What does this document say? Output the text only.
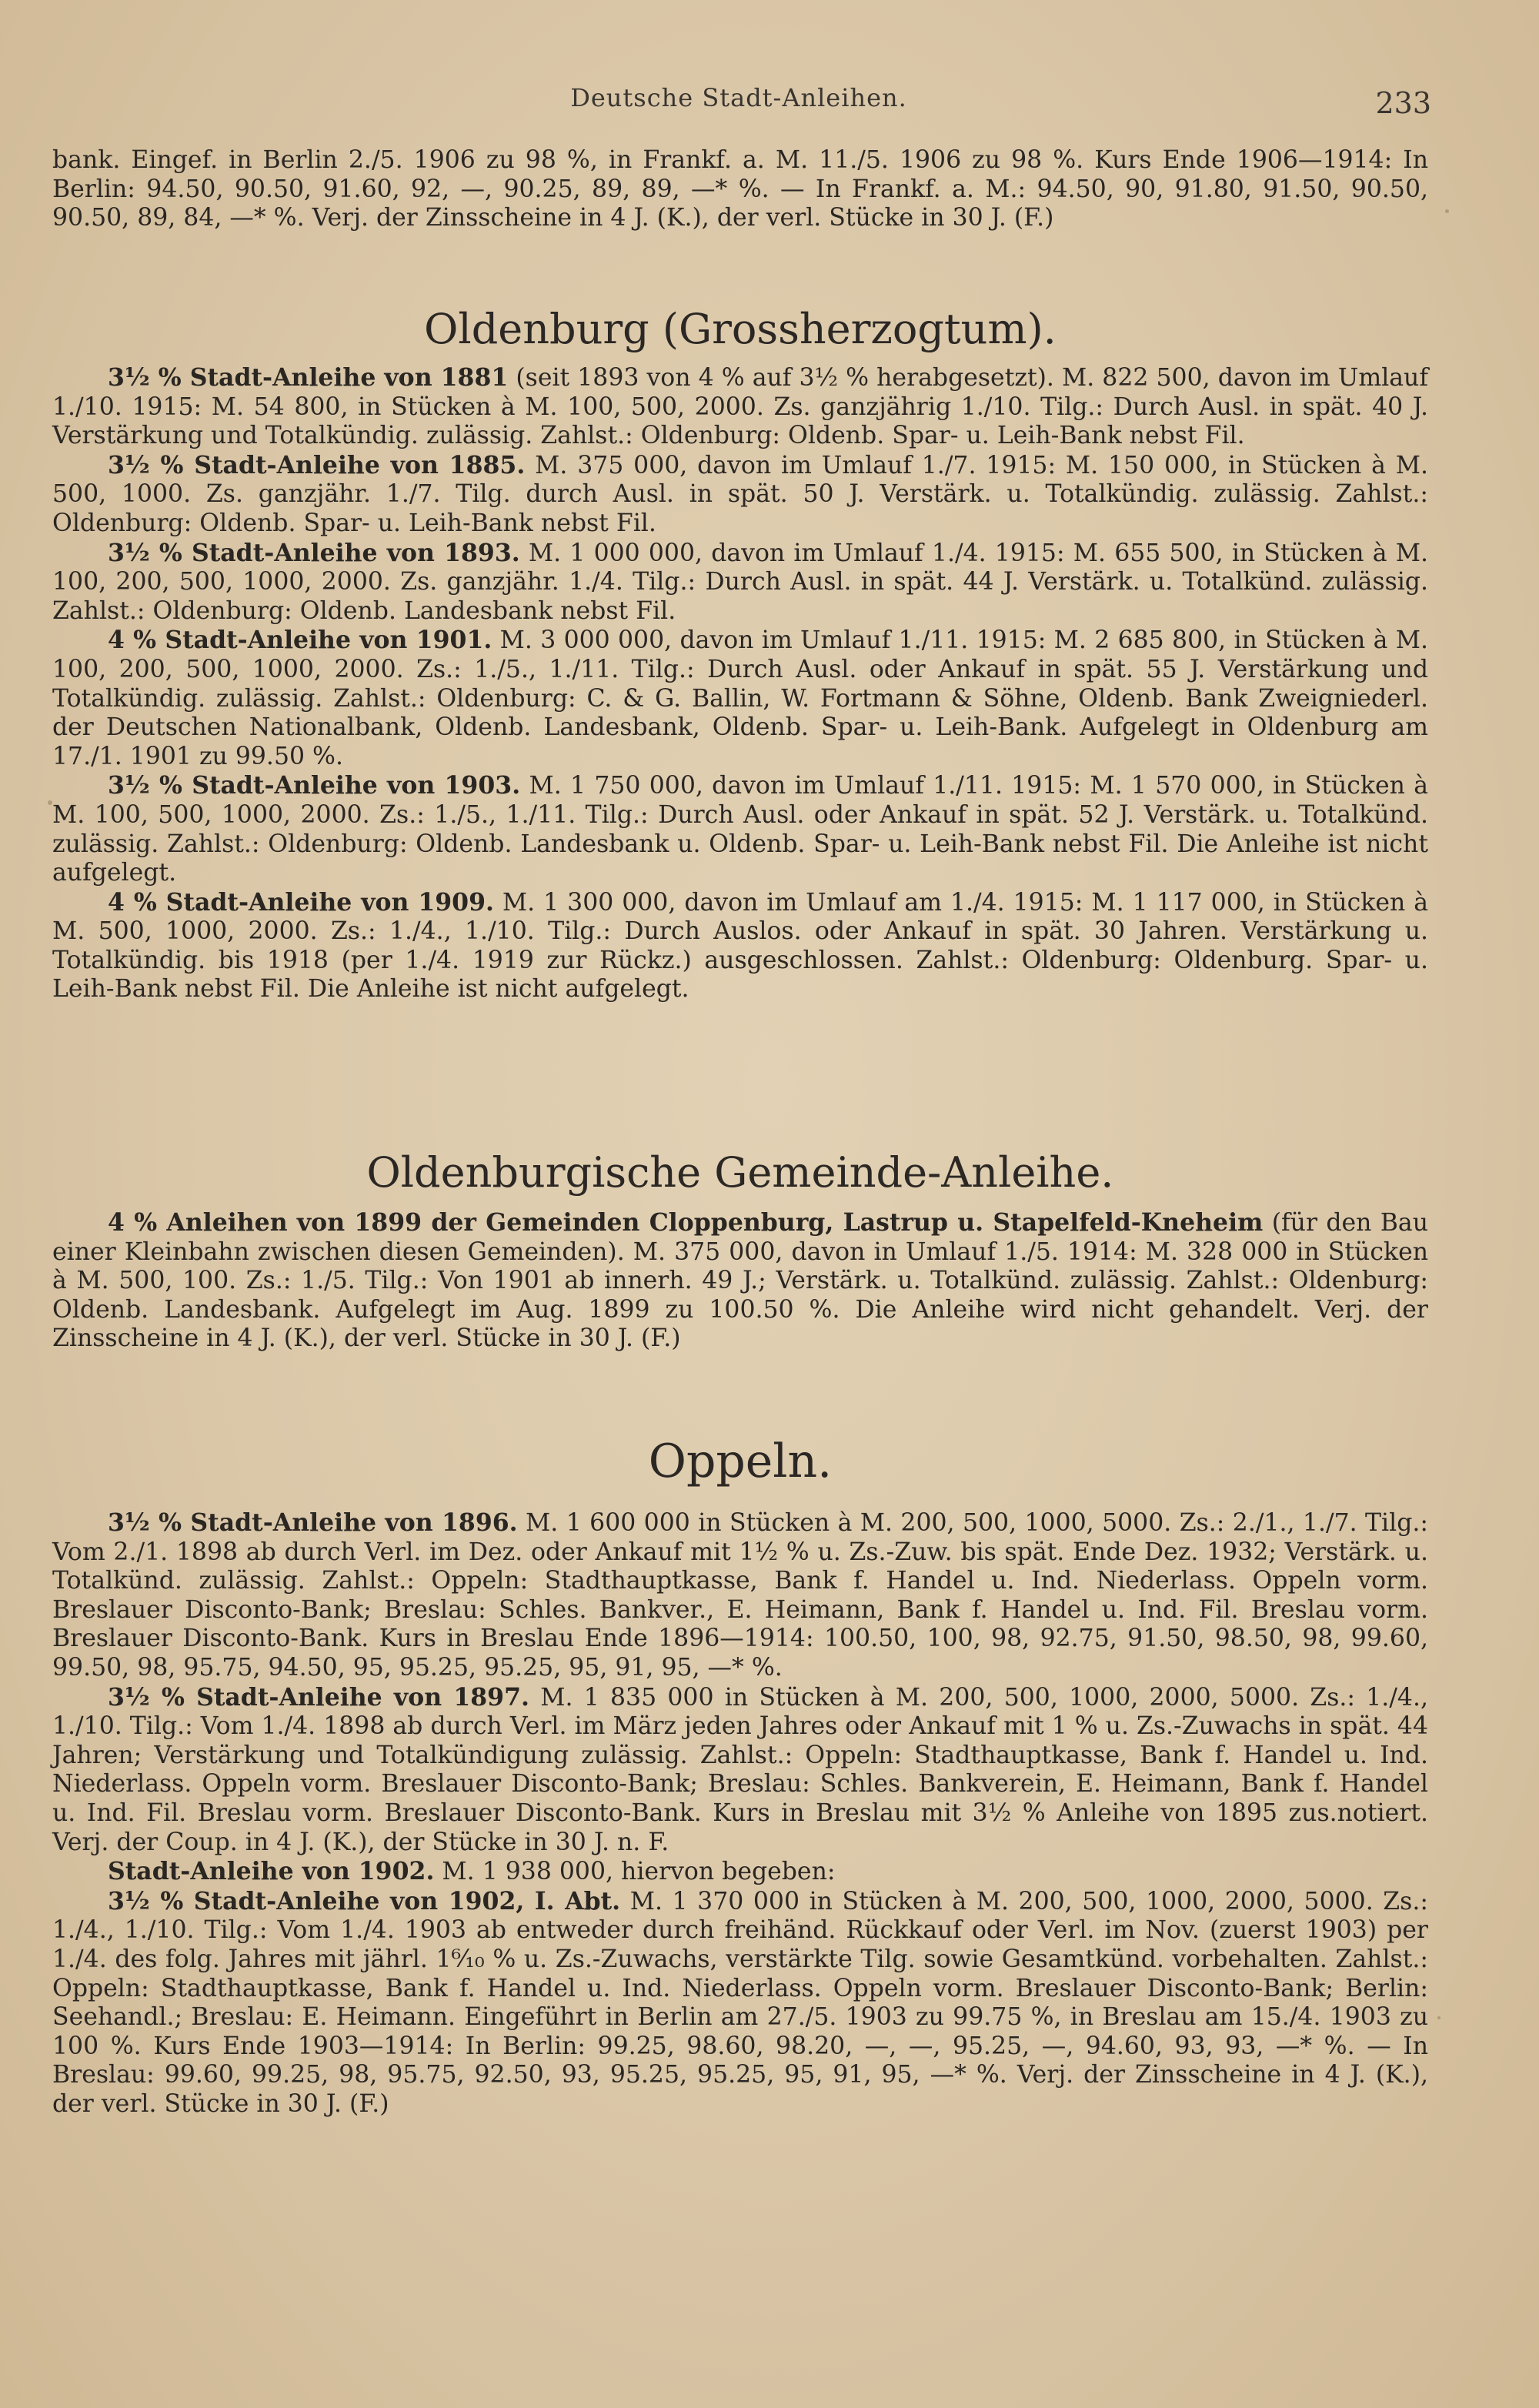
Deutsche Stadt-Anleihen.	233

bank. Eingef. in Berlin 2./5. 1906 zu 98 %, in Frankf. a. M. 11./5. 1906 zu 98 %. Kurs Ende 1906—1914: In Berlin: 94.50, 90.50, 91.60, 92, —, 90.25, 89, 89, —* %. — In Frankf. a. M.: 94.50, 90, 91.80, 91.50, 90.50, 90.50, 89, 84, —* %. Verj. der Zinsscheine in 4 J. (K.), der verl. Stücke in 30 J. (F.)

Oldenburg (Grossherzogtum).

3½ % Stadt-Anleihe von 1881 (seit 1893 von 4 % auf 3½ % herabgesetzt). M. 822 500, davon im Umlauf 1./10. 1915: M. 54 800, in Stücken à M. 100, 500, 2000. Zs. ganzjährig 1./10. Tilg.: Durch Ausl. in spät. 40 J. Verstärkung und Totalkündig. zulässig. Zahlst.: Oldenburg: Oldenb. Spar- u. Leih-Bank nebst Fil.

3½ % Stadt-Anleihe von 1885. M. 375 000, davon im Umlauf 1./7. 1915: M. 150 000, in Stücken à M. 500, 1000. Zs. ganzjähr. 1./7. Tilg. durch Ausl. in spät. 50 J. Verstärk. u. Totalkündig. zulässig. Zahlst.: Oldenburg: Oldenb. Spar- u. Leih-Bank nebst Fil.

3½ % Stadt-Anleihe von 1893. M. 1 000 000, davon im Umlauf 1./4. 1915: M. 655 500, in Stücken à M. 100, 200, 500, 1000, 2000. Zs. ganzjähr. 1./4. Tilg.: Durch Ausl. in spät. 44 J. Verstärk. u. Totalkünd. zulässig. Zahlst.: Oldenburg: Oldenb. Landesbank nebst Fil.

4 % Stadt-Anleihe von 1901. M. 3 000 000, davon im Umlauf 1./11. 1915: M. 2 685 800, in Stücken à M. 100, 200, 500, 1000, 2000. Zs.: 1./5., 1./11. Tilg.: Durch Ausl. oder Ankauf in spät. 55 J. Verstärkung und Totalkündig. zulässig. Zahlst.: Oldenburg: C. & G. Ballin, W. Fortmann & Söhne, Oldenb. Bank Zweigniederl. der Deutschen Nationalbank, Oldenb. Landesbank, Oldenb. Spar- u. Leih-Bank. Aufgelegt in Oldenburg am 17./1. 1901 zu 99.50 %.

3½ % Stadt-Anleihe von 1903. M. 1 750 000, davon im Umlauf 1./11. 1915: M. 1 570 000, in Stücken à M. 100, 500, 1000, 2000. Zs.: 1./5., 1./11. Tilg.: Durch Ausl. oder Ankauf in spät. 52 J. Verstärk. u. Totalkünd. zulässig. Zahlst.: Oldenburg: Oldenb. Landesbank u. Oldenb. Spar- u. Leih-Bank nebst Fil. Die Anleihe ist nicht aufgelegt.

4 % Stadt-Anleihe von 1909. M. 1 300 000, davon im Umlauf am 1./4. 1915: M. 1 117 000, in Stücken à M. 500, 1000, 2000. Zs.: 1./4., 1./10. Tilg.: Durch Auslos. oder Ankauf in spät. 30 Jahren. Verstärkung u. Totalkündig. bis 1918 (per 1./4. 1919 zur Rückz.) ausgeschlossen. Zahlst.: Oldenburg: Oldenburg. Spar- u. Leih-Bank nebst Fil. Die Anleihe ist nicht aufgelegt.

Oldenburgische Gemeinde-Anleihe.

4 % Anleihen von 1899 der Gemeinden Cloppenburg, Lastrup u. Stapelfeld-Kneheim (für den Bau einer Kleinbahn zwischen diesen Gemeinden). M. 375 000, davon in Umlauf 1./5. 1914: M. 328 000 in Stücken à M. 500, 100. Zs.: 1./5. Tilg.: Von 1901 ab innerh. 49 J.; Verstärk. u. Totalkünd. zulässig. Zahlst.: Oldenburg: Oldenb. Landesbank. Aufgelegt im Aug. 1899 zu 100.50 %. Die Anleihe wird nicht gehandelt. Verj. der Zinsscheine in 4 J. (K.), der verl. Stücke in 30 J. (F.)

Oppeln.

3½ % Stadt-Anleihe von 1896. M. 1 600 000 in Stücken à M. 200, 500, 1000, 5000. Zs.: 2./1., 1./7. Tilg.: Vom 2./1. 1898 ab durch Verl. im Dez. oder Ankauf mit 1½ % u. Zs.-Zuw. bis spät. Ende Dez. 1932; Verstärk. u. Totalkünd. zulässig. Zahlst.: Oppeln: Stadthauptkasse, Bank f. Handel u. Ind. Niederlass. Oppeln vorm. Breslauer Disconto-Bank; Breslau: Schles. Bankver., E. Heimann, Bank f. Handel u. Ind. Fil. Breslau vorm. Breslauer Disconto-Bank. Kurs in Breslau Ende 1896—1914: 100.50, 100, 98, 92.75, 91.50, 98.50, 98, 99.60, 99.50, 98, 95.75, 94.50, 95, 95.25, 95.25, 95, 91, 95, —* %.

3½ % Stadt-Anleihe von 1897. M. 1 835 000 in Stücken à M. 200, 500, 1000, 2000, 5000. Zs.: 1./4., 1./10. Tilg.: Vom 1./4. 1898 ab durch Verl. im März jeden Jahres oder Ankauf mit 1 % u. Zs.-Zuwachs in spät. 44 Jahren; Verstärkung und Totalkündigung zulässig. Zahlst.: Oppeln: Stadthauptkasse, Bank f. Handel u. Ind. Niederlass. Oppeln vorm. Breslauer Disconto-Bank; Breslau: Schles. Bankverein, E. Heimann, Bank f. Handel u. Ind. Fil. Breslau vorm. Breslauer Disconto-Bank. Kurs in Breslau mit 3½ % Anleihe von 1895 zus.notiert. Verj. der Coup. in 4 J. (K.), der Stücke in 30 J. n. F.

Stadt-Anleihe von 1902. M. 1 938 000, hiervon begeben:

3½ % Stadt-Anleihe von 1902, I. Abt. M. 1 370 000 in Stücken à M. 200, 500, 1000, 2000, 5000. Zs.: 1./4., 1./10. Tilg.: Vom 1./4. 1903 ab entweder durch freihänd. Rückkauf oder Verl. im Nov. (zuerst 1903) per 1./4. des folg. Jahres mit jährl. 1⁶⁄₁₀ % u. Zs.-Zuwachs, verstärkte Tilg. sowie Gesamtkünd. vorbehalten. Zahlst.: Oppeln: Stadthauptkasse, Bank f. Handel u. Ind. Niederlass. Oppeln vorm. Breslauer Disconto-Bank; Berlin: Seehandl.; Breslau: E. Heimann. Eingeführt in Berlin am 27./5. 1903 zu 99.75 %, in Breslau am 15./4. 1903 zu 100 %. Kurs Ende 1903—1914: In Berlin: 99.25, 98.60, 98.20, —, —, 95.25, —, 94.60, 93, 93, —* %. — In Breslau: 99.60, 99.25, 98, 95.75, 92.50, 93, 95.25, 95.25, 95, 91, 95, —* %. Verj. der Zinsscheine in 4 J. (K.), der verl. Stücke in 30 J. (F.)
